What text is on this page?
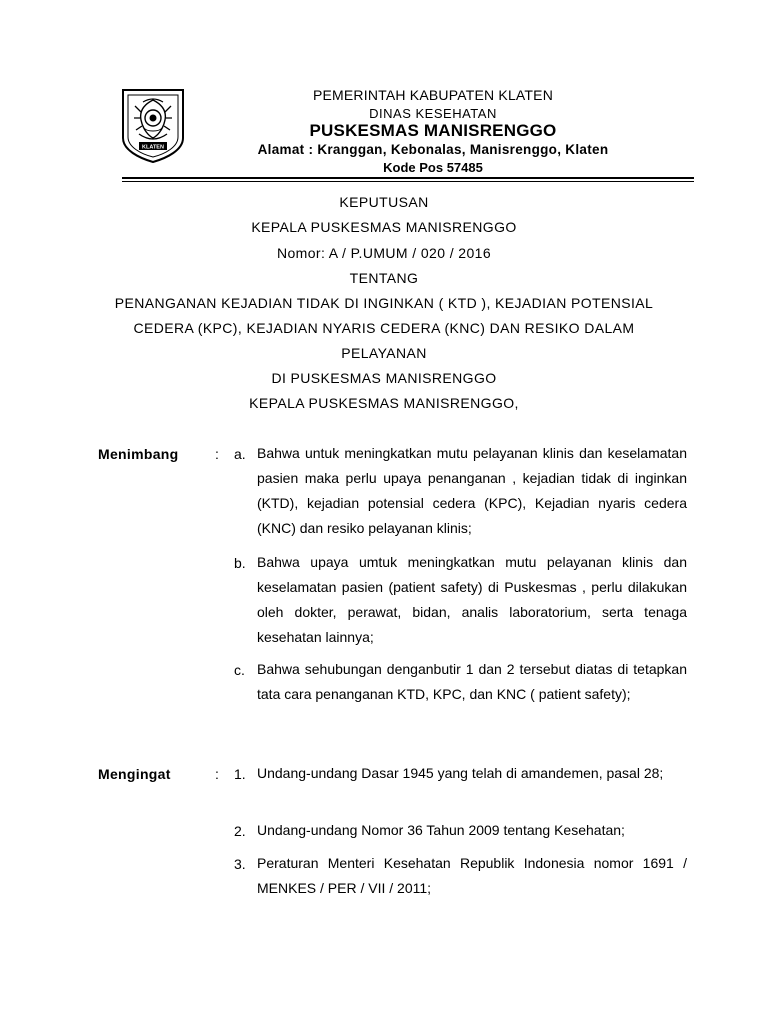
KLATEN
PEMERINTAH KABUPATEN KLATEN
DINAS KESEHATAN
PUSKESMAS MANISRENGGO
Alamat : Kranggan, Kebonalas, Manisrenggo, Klaten
Kode Pos 57485
KEPUTUSAN
KEPALA PUSKESMAS MANISRENGGO
Nomor: A / P.UMUM / 020 / 2016
TENTANG
PENANGANAN KEJADIAN TIDAK DI INGINKAN ( KTD ), KEJADIAN POTENSIAL
CEDERA (KPC), KEJADIAN NYARIS CEDERA (KNC) DAN RESIKO DALAM
PELAYANAN
DI PUSKESMAS MANISRENGGO
KEPALA PUSKESMAS MANISRENGGO,
Menimbang	: a. Bahwa untuk meningkatkan mutu pelayanan klinis dan keselamatan pasien maka perlu upaya penanganan , kejadian tidak di inginkan (KTD), kejadian potensial cedera (KPC), Kejadian nyaris cedera (KNC) dan resiko pelayanan klinis;
b. Bahwa upaya umtuk meningkatkan mutu pelayanan klinis dan keselamatan pasien (patient safety) di Puskesmas , perlu dilakukan oleh dokter, perawat, bidan, analis laboratorium, serta tenaga kesehatan lainnya;
c. Bahwa sehubungan denganbutir 1 dan 2 tersebut diatas di tetapkan tata cara penanganan KTD, KPC, dan KNC ( patient safety);
Mengingat	: 1. Undang-undang Dasar 1945 yang telah di amandemen, pasal 28;
2. Undang-undang Nomor 36 Tahun 2009 tentang Kesehatan;
3. Peraturan Menteri Kesehatan Republik Indonesia nomor 1691 / MENKES / PER / VII / 2011;
